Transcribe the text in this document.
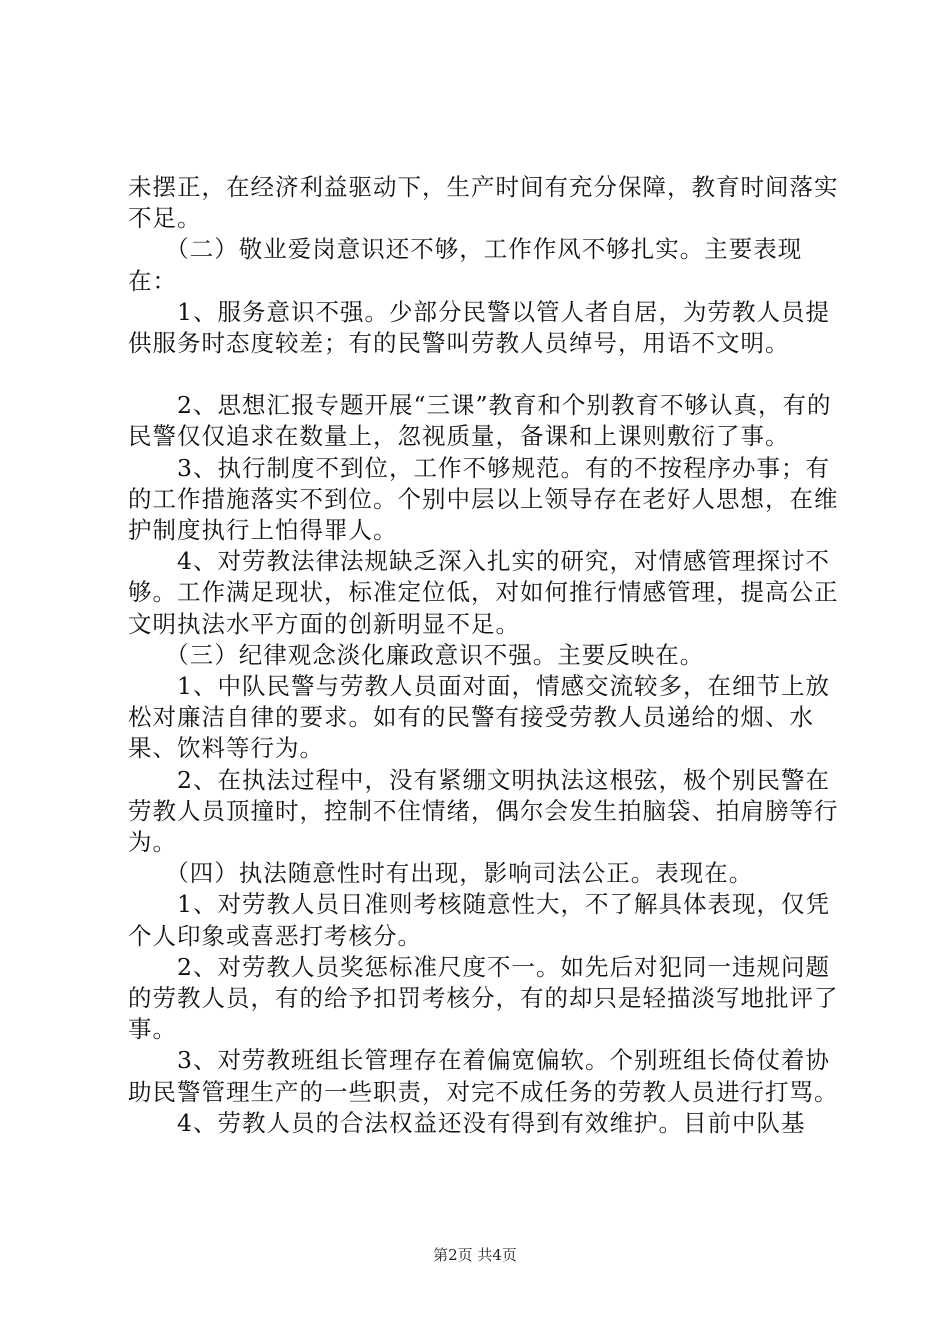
未摆正，在经济利益驱动下，生产时间有充分保障，教育时间落实不足。

　　（二）敬业爱岗意识还不够，工作作风不够扎实。主要表现在：

　　1、服务意识不强。少部分民警以管人者自居，为劳教人员提供服务时态度较差；有的民警叫劳教人员绰号，用语不文明。

　　2、思想汇报专题开展“三课”教育和个别教育不够认真，有的民警仅仅追求在数量上，忽视质量，备课和上课则敷衍了事。

　　3、执行制度不到位，工作不够规范。有的不按程序办事；有的工作措施落实不到位。个别中层以上领导存在老好人思想，在维护制度执行上怕得罪人。

　　4、对劳教法律法规缺乏深入扎实的研究，对情感管理探讨不够。工作满足现状，标准定位低，对如何推行情感管理，提高公正文明执法水平方面的创新明显不足。

　　（三）纪律观念淡化廉政意识不强。主要反映在。

　　1、中队民警与劳教人员面对面，情感交流较多，在细节上放松对廉洁自律的要求。如有的民警有接受劳教人员递给的烟、水果、饮料等行为。

　　2、在执法过程中，没有紧绷文明执法这根弦，极个别民警在劳教人员顶撞时，控制不住情绪，偶尔会发生拍脑袋、拍肩膀等行为。

　　（四）执法随意性时有出现，影响司法公正。表现在。

　　1、对劳教人员日准则考核随意性大，不了解具体表现，仅凭个人印象或喜恶打考核分。

　　2、对劳教人员奖惩标准尺度不一。如先后对犯同一违规问题的劳教人员，有的给予扣罚考核分，有的却只是轻描淡写地批评了事。

　　3、对劳教班组长管理存在着偏宽偏软。个别班组长倚仗着协助民警管理生产的一些职责，对完不成任务的劳教人员进行打骂。

　　4、劳教人员的合法权益还没有得到有效维护。目前中队基

第2页 共4页
